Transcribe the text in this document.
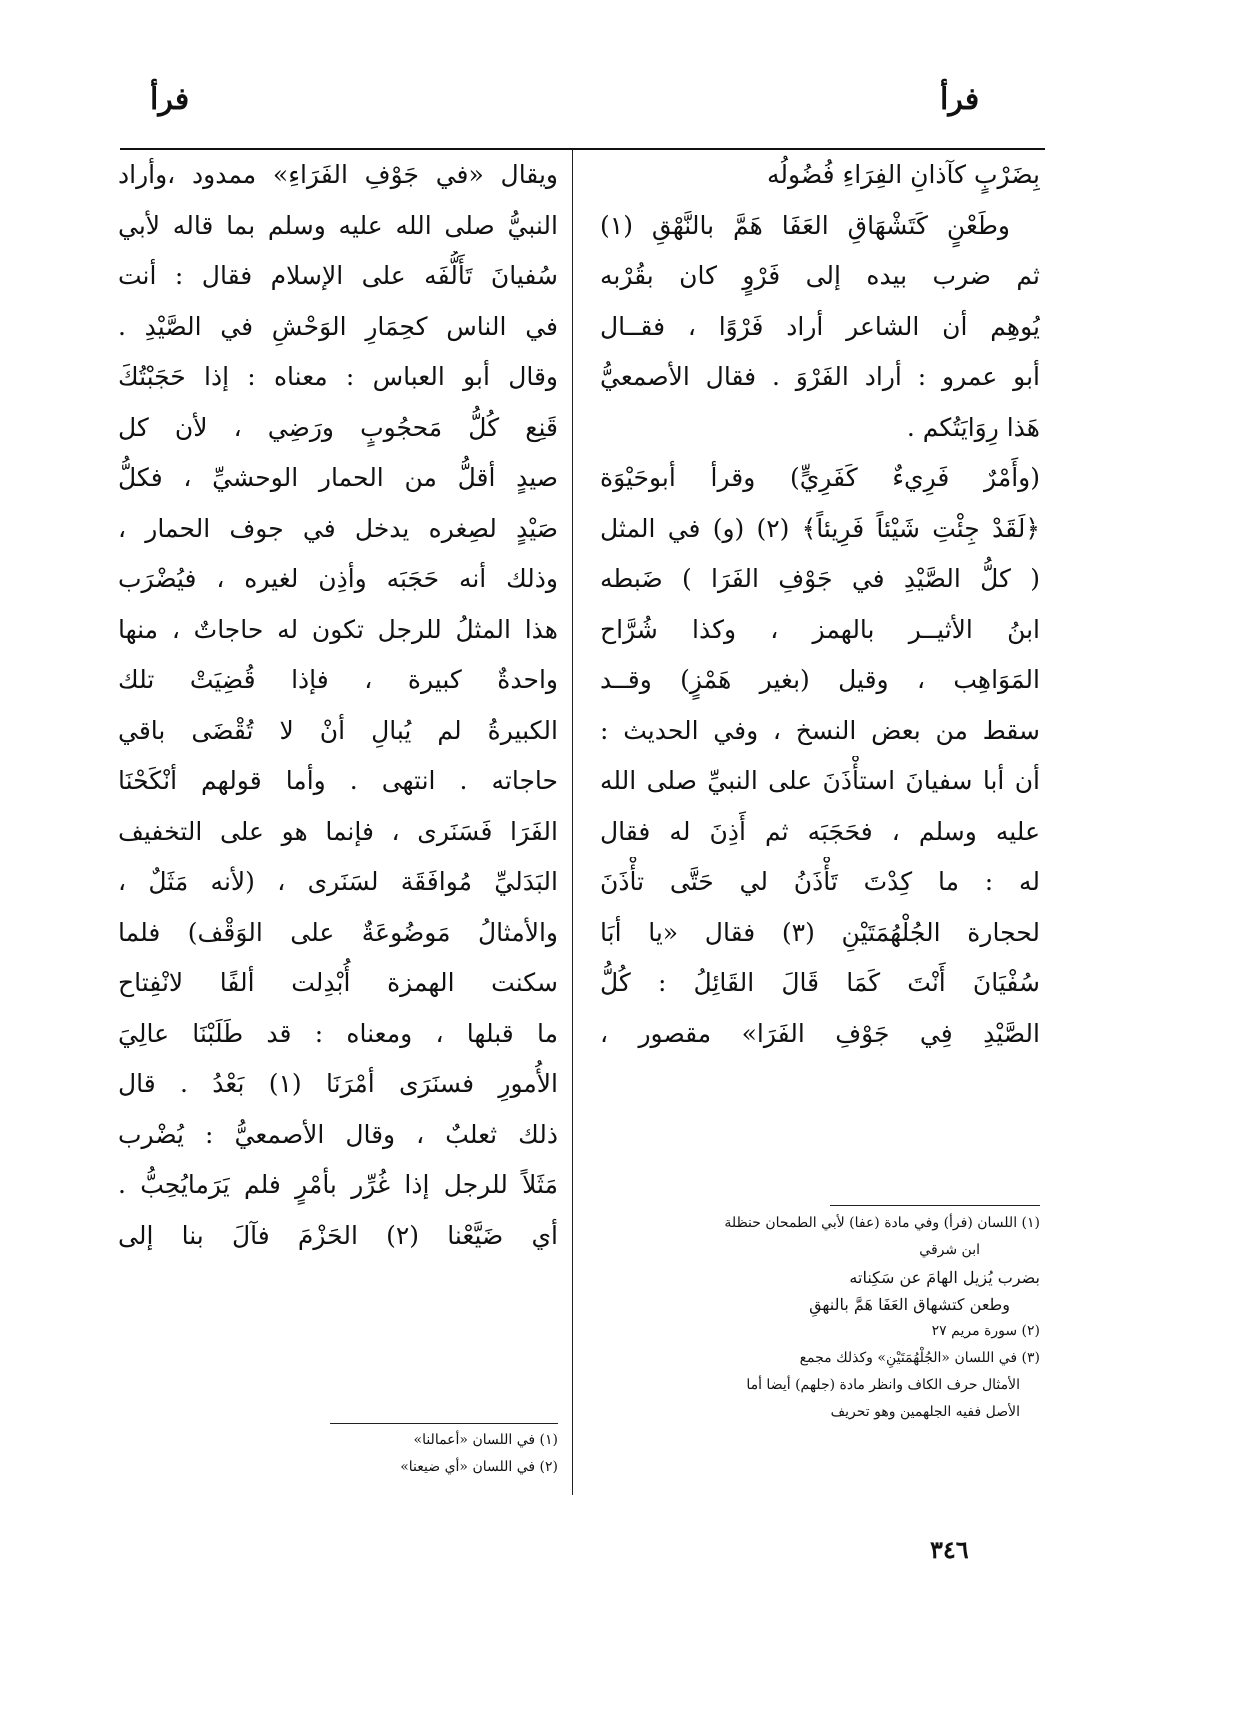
فرأ
فرأ
بِضَرْبٍ كآذانِ الفِرَاءِ فُضُولُه
وطَعْنٍ كَتَشْهَاقِ العَفَا هَمَّ بالنَّهْقِ (١)
ثم ضرب بيده إلى فَرْوٍ كان بقُرْبه
يُوهِم أن الشاعر أراد فَرْوًا ، فقــال
أبو عمرو : أراد الفَرْوَ . فقال الأصمعيُّ
هَذا رِوَايَتُكم .
(وأَمْرٌ فَرِيءٌ كَفَرِيٍّ) وقرأ أبوحَيْوَة
﴿لَقَدْ جِئْتِ شَيْئاً فَرِيئاً﴾ (٢) (و) في المثل
( كلُّ الصَّيْدِ في جَوْفِ الفَرَا ) ضَبطه
ابنُ الأثيــر بالهمز ، وكذا شُرَّاح
المَوَاهِب ، وقيل (بغير هَمْزٍ) وقــد
سقط من بعض النسخ ، وفي الحديث :
أن أبا سفيانَ استأْذَنَ على النبيِّ صلى الله
عليه وسلم ، فحَجَبَه ثم أَذِنَ له فقال
له : ما كِدْتَ تَأْذَنُ لي حَتَّى تأْذَنَ
لحجارة الجُلْهُمَتَيْنِ (٣) فقال «يا أبَا
سُفْيَانَ أَنْتَ كَمَا قَالَ القَائِلُ : كُلُّ
الصَّيْدِ فِي جَوْفِ الفَرَا» مقصور ،
ويقال «في جَوْفِ الفَرَاءِ» ممدود ،وأراد
النبيُّ صلى الله عليه وسلم بما قاله لأبي
سُفيانَ تَأَلُّفَه على الإسلام فقال : أنت
في الناس كحِمَارِ الوَحْشِ في الصَّيْدِ .
وقال أبو العباس : معناه : إذا حَجَبْتُكَ
قَنِع كُلُّ مَحجُوبٍ ورَضِي ، لأن كل
صيدٍ أقلُّ من الحمار الوحشيِّ ، فكلُّ
صَيْدٍ لصِغره يدخل في جوف الحمار ،
وذلك أنه حَجَبَه وأذِن لغيره ، فيُضْرَب
هذا المثلُ للرجل تكون له حاجاتٌ ، منها
واحدةٌ كبيرة ، فإذا قُضِيَتْ تلك
الكبيرةُ لم يُبالِ أنْ لا تُقْضَى باقي
حاجاته . انتهى . وأما قولهم أنْكَحْنَا
الفَرَا فَسَنَرى ، فإنما هو على التخفيف
البَدَليِّ مُوافَقَة لسَنَرى ، (لأنه مَثَلٌ ،
والأمثالُ مَوضُوعَةٌ على الوَقْف) فلما
سكنت الهمزة أُبْدِلت ألفًا لانْفِتاح
ما قبلها ، ومعناه : قد طَلَبْنَا عالِيَ
الأُمورِ فسنَرَى أمْرَنَا (١) بَعْدُ . قال
ذلك ثعلبٌ ، وقال الأصمعيُّ : يُضْرب
مَثَلاً للرجل إذا غُرِّر بأمْرٍ فلم يَرَمايُحِبُّ .
أي ضَيَّعْنا (٢) الحَزْمَ فآلَ بنا إلى	(١) اللسان (فرأ) وفي مادة (عفا) لأبي الطمحان حنظلة
ابن شرقي
بضرب يُزيل الهامَ عن سَكِناته
وطعن كتشهاق العَفَا هَمَّ بالنهقِ
(٢) سورة مريم ٢٧
(٣) في اللسان «الجُلْهُمَتَيْنِ» وكذلك مجمع
الأمثال حرف الكاف وانظر مادة (جلهم) أيضا أما
الأصل ففيه الجلهمين وهو تحريف
(١) في اللسان «أعمالنا»
(٢) في اللسان «أي ضيعنا»
٣٤٦
